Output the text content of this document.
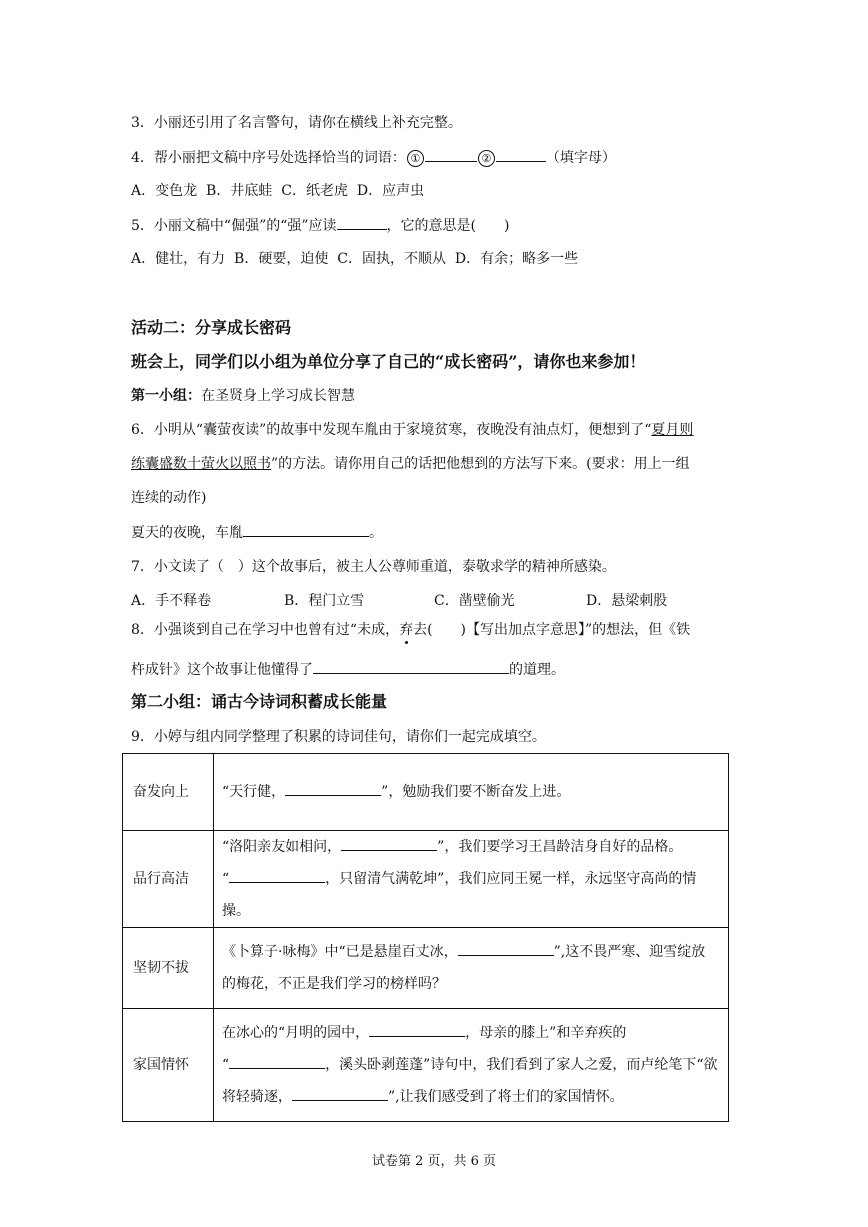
3．小丽还引用了名言警句，请你在横线上补充完整。
4．帮小丽把文稿中序号处选择恰当的词语： ①	②	（填字母）
A．变色龙 B．井底蛙 C．纸老虎 D．应声虫
5．小丽文稿中“倔强”的“强”应读	，它的意思是(　　)
A．健壮，有力 B．硬要，迫使 C．固执，不顺从 D．有余；略多一些
活动二：分享成长密码
班会上，同学们以小组为单位分享了自己的“成长密码”，请你也来参加！
第一小组：在圣贤身上学习成长智慧
6．小明从“囊萤夜读”的故事中发现车胤由于家境贫寒，夜晚没有油点灯，便想到了“夏月则
练囊盛数十萤火以照书”的方法。请你用自己的话把他想到的方法写下来。(要求：用上一组
连续的动作)
夏天的夜晚，车胤	。
7．小文读了（　）这个故事后，被主人公尊师重道，泰敬求学的精神所感染。
A．手不释卷	B．程门立雪	C．凿壁偷光	D．悬梁刺股
8．小强谈到自己在学习中也曾有过“未成，弃去(　　)【写出加点字意思】”的想法，但《铁
杵成针》这个故事让他懂得了	的道理。
第二小组：诵古今诗词积蓄成长能量
9．小婷与组内同学整理了积累的诗词佳句，请你们一起完成填空。
奋发向上	“天行健， ”，勉励我们要不断奋发上进。
品行高洁	“洛阳亲友如相问， ”，我们要学习王昌龄洁身自好的品格。
“ ，只留清气满乾坤”，我们应同王冕一样，永远坚守高尚的情操。

坚韧不拔	《卜算子·咏梅》中“已是悬崖百丈冰， ”,这不畏严寒、迎雪绽放
的梅花，不正是我们学习的榜样吗？

家国情怀	在冰心的“月明的园中， ，母亲的膝上”和辛弃疾的
“ ，溪头卧剥莲蓬”诗句中，我们看到了家人之爱，而卢纶笔下“欲
将轻骑逐， ”,让我们感受到了将士们的家国情怀。
试卷第 2 页，共 6 页
